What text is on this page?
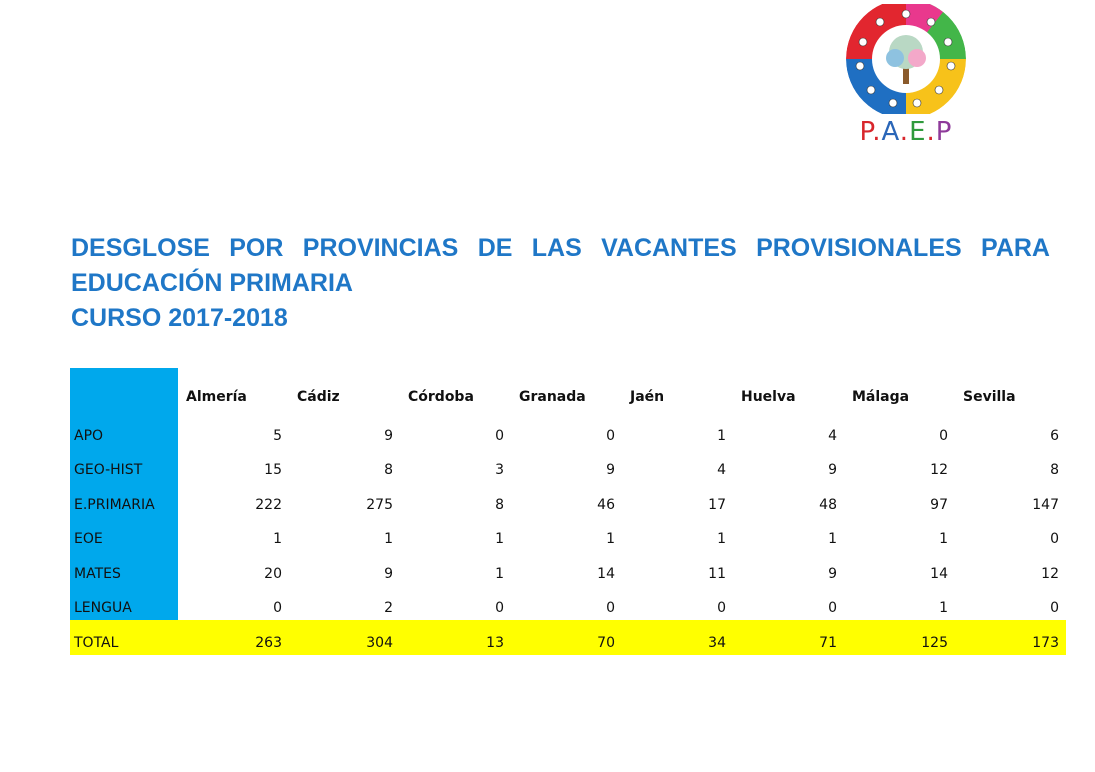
P.A.E.P
DESGLOSE POR PROVINCIAS DE LAS VACANTES PROVISIONALES PARA
EDUCACIÓN PRIMARIA
CURSO 2017-2018
	Almería	Cádiz	Córdoba	Granada	Jaén	Huelva	Málaga	Sevilla
APO	5	9	0	0	1	4	0	6
GEO-HIST	15	8	3	9	4	9	12	8
E.PRIMARIA	222	275	8	46	17	48	97	147
EOE	1	1	1	1	1	1	1	0
MATES	20	9	1	14	11	9	14	12
LENGUA	0	2	0	0	0	0	1	0
TOTAL	263	304	13	70	34	71	125	173
